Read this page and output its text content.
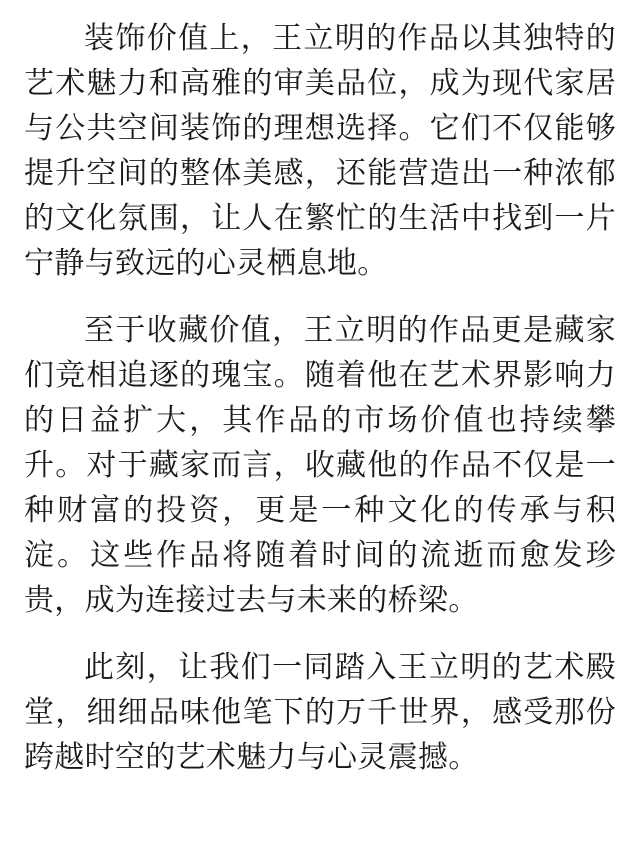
装饰价值上，王立明的作品以其独特的艺术魅力和高雅的审美品位，成为现代家居与公共空间装饰的理想选择。它们不仅能够提升空间的整体美感，还能营造出一种浓郁的文化氛围，让人在繁忙的生活中找到一片宁静与致远的心灵栖息地。

至于收藏价值，王立明的作品更是藏家们竞相追逐的瑰宝。随着他在艺术界影响力的日益扩大，其作品的市场价值也持续攀升。对于藏家而言，收藏他的作品不仅是一种财富的投资，更是一种文化的传承与积淀。这些作品将随着时间的流逝而愈发珍贵，成为连接过去与未来的桥梁。

此刻，让我们一同踏入王立明的艺术殿堂，细细品味他笔下的万千世界，感受那份跨越时空的艺术魅力与心灵震撼。
